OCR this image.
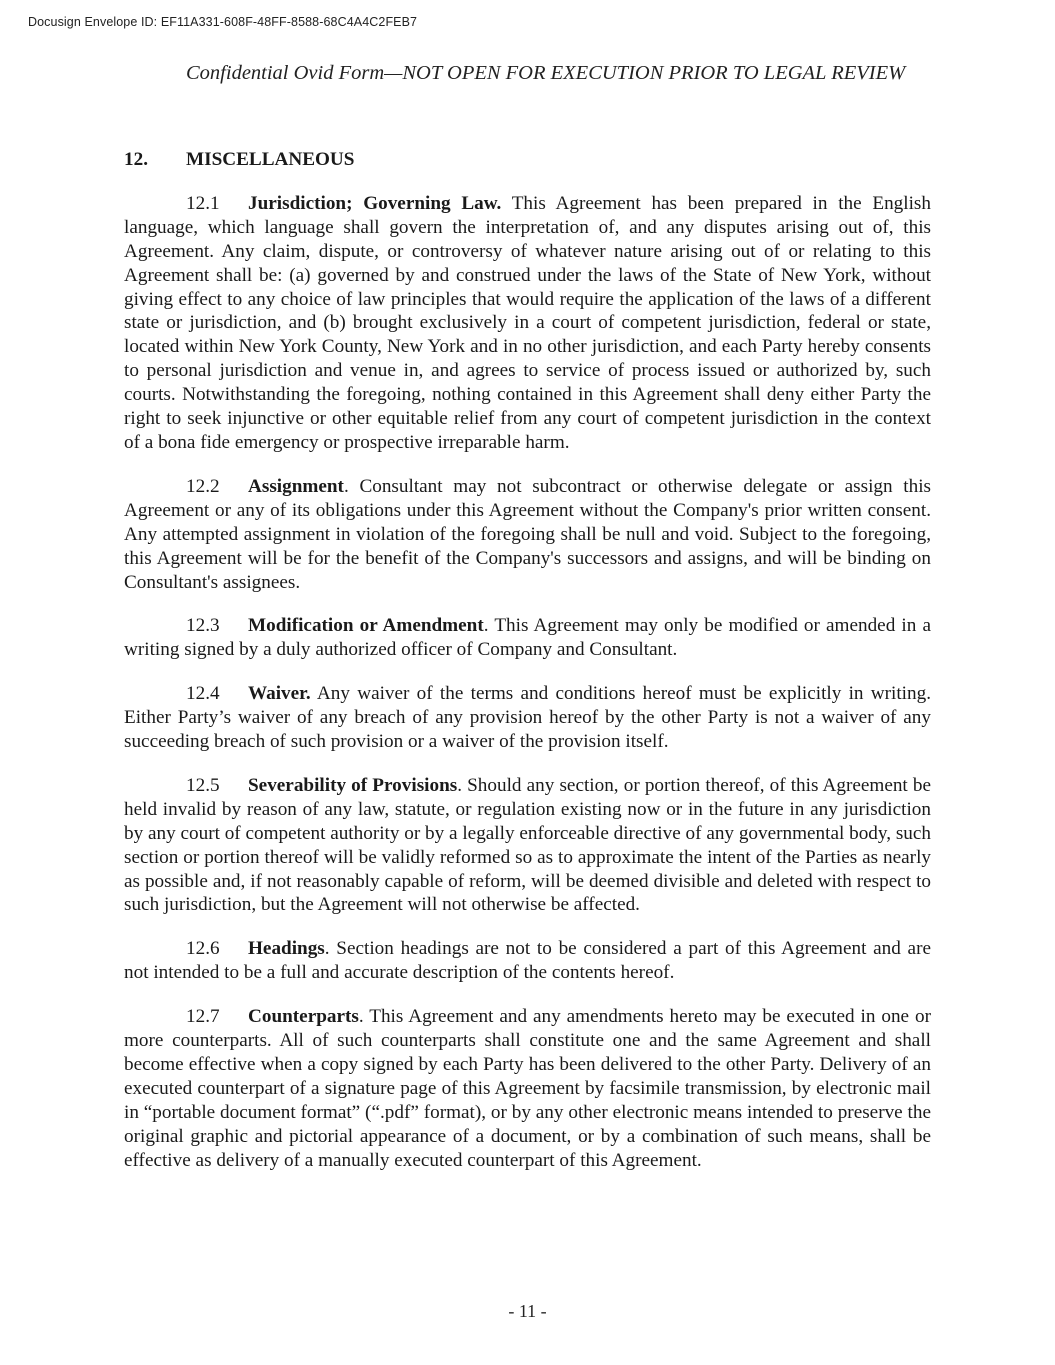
Docusign Envelope ID: EF11A331-608F-48FF-8588-68C4A4C2FEB7
Confidential Ovid Form—NOT OPEN FOR EXECUTION PRIOR TO LEGAL REVIEW
12.	MISCELLANEOUS

12.1 Jurisdiction; Governing Law. This Agreement has been prepared in the English language, which language shall govern the interpretation of, and any disputes arising out of, this Agreement. Any claim, dispute, or controversy of whatever nature arising out of or relating to this Agreement shall be: (a) governed by and construed under the laws of the State of New York, without giving effect to any choice of law principles that would require the application of the laws of a different state or jurisdiction, and (b) brought exclusively in a court of competent jurisdiction, federal or state, located within New York County, New York and in no other jurisdiction, and each Party hereby consents to personal jurisdiction and venue in, and agrees to service of process issued or authorized by, such courts. Notwithstanding the foregoing, nothing contained in this Agreement shall deny either Party the right to seek injunctive or other equitable relief from any court of competent jurisdiction in the context of a bona fide emergency or prospective irreparable harm.

12.2 Assignment. Consultant may not subcontract or otherwise delegate or assign this Agreement or any of its obligations under this Agreement without the Company's prior written consent. Any attempted assignment in violation of the foregoing shall be null and void. Subject to the foregoing, this Agreement will be for the benefit of the Company's successors and assigns, and will be binding on Consultant's assignees.

12.3 Modification or Amendment. This Agreement may only be modified or amended in a writing signed by a duly authorized officer of Company and Consultant.

12.4 Waiver. Any waiver of the terms and conditions hereof must be explicitly in writing. Either Party’s waiver of any breach of any provision hereof by the other Party is not a waiver of any succeeding breach of such provision or a waiver of the provision itself.

12.5 Severability of Provisions. Should any section, or portion thereof, of this Agreement be held invalid by reason of any law, statute, or regulation existing now or in the future in any jurisdiction by any court of competent authority or by a legally enforceable directive of any governmental body, such section or portion thereof will be validly reformed so as to approximate the intent of the Parties as nearly as possible and, if not reasonably capable of reform, will be deemed divisible and deleted with respect to such jurisdiction, but the Agreement will not otherwise be affected.

12.6 Headings. Section headings are not to be considered a part of this Agreement and are not intended to be a full and accurate description of the contents hereof.

12.7 Counterparts. This Agreement and any amendments hereto may be executed in one or more counterparts. All of such counterparts shall constitute one and the same Agreement and shall become effective when a copy signed by each Party has been delivered to the other Party. Delivery of an executed counterpart of a signature page of this Agreement by facsimile transmission, by electronic mail in “portable document format” (“.pdf” format), or by any other electronic means intended to preserve the original graphic and pictorial appearance of a document, or by a combination of such means, shall be effective as delivery of a manually executed counterpart of this Agreement.

- 11 -
